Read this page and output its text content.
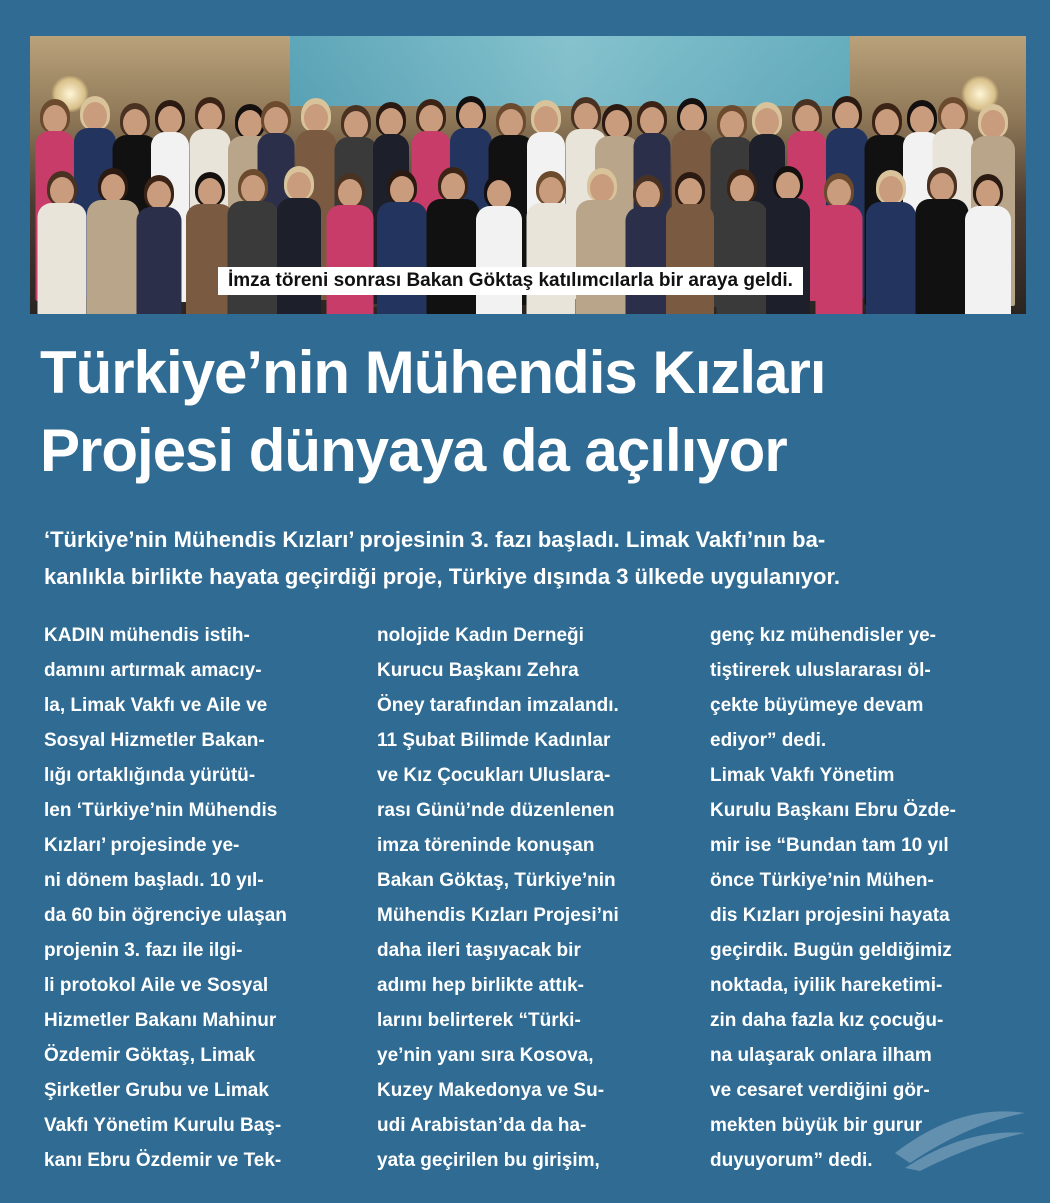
İmza töreni sonrası Bakan Göktaş katılımcılarla bir araya geldi.
Türkiye’nin Mühendis Kızları
Projesi dünyaya da açılıyor

‘Türkiye’nin Mühendis Kızları’ projesinin 3. fazı başladı. Limak Vakfı’nın ba-
kanlıkla birlikte hayata geçirdiği proje, Türkiye dışında 3 ülkede uygulanıyor.

KADIN mühendis istih-
damını artırmak amacıy-
la, Limak Vakfı ve Aile ve
Sosyal Hizmetler Bakan-
lığı ortaklığında yürütü-
len ‘Türkiye’nin Mühendis
Kızları’ projesinde ye-
ni dönem başladı. 10 yıl-
da 60 bin öğrenciye ulaşan
projenin 3. fazı ile ilgi-
li protokol Aile ve Sosyal
Hizmetler Bakanı Mahinur
Özdemir Göktaş, Limak
Şirketler Grubu ve Limak
Vakfı Yönetim Kurulu Baş-
kanı Ebru Özdemir ve Tek-

nolojide Kadın Derneği
Kurucu Başkanı Zehra
Öney tarafından imzalandı.
11 Şubat Bilimde Kadınlar
ve Kız Çocukları Uluslara-
rası Günü’nde düzenlenen
imza töreninde konuşan
Bakan Göktaş, Türkiye’nin
Mühendis Kızları Projesi’ni
daha ileri taşıyacak bir
adımı hep birlikte attık-
larını belirterek “Türki-
ye’nin yanı sıra Kosova,
Kuzey Makedonya ve Su-
udi Arabistan’da da ha-
yata geçirilen bu girişim,

genç kız mühendisler ye-
tiştirerek uluslararası öl-
çekte büyümeye devam
ediyor” dedi.
Limak Vakfı Yönetim
Kurulu Başkanı Ebru Özde-
mir ise “Bundan tam 10 yıl
önce Türkiye’nin Mühen-
dis Kızları projesini hayata
geçirdik. Bugün geldiğimiz
noktada, iyilik hareketimi-
zin daha fazla kız çocuğu-
na ulaşarak onlara ilham
ve cesaret verdiğini gör-
mekten büyük bir gurur
duyuyorum” dedi.
